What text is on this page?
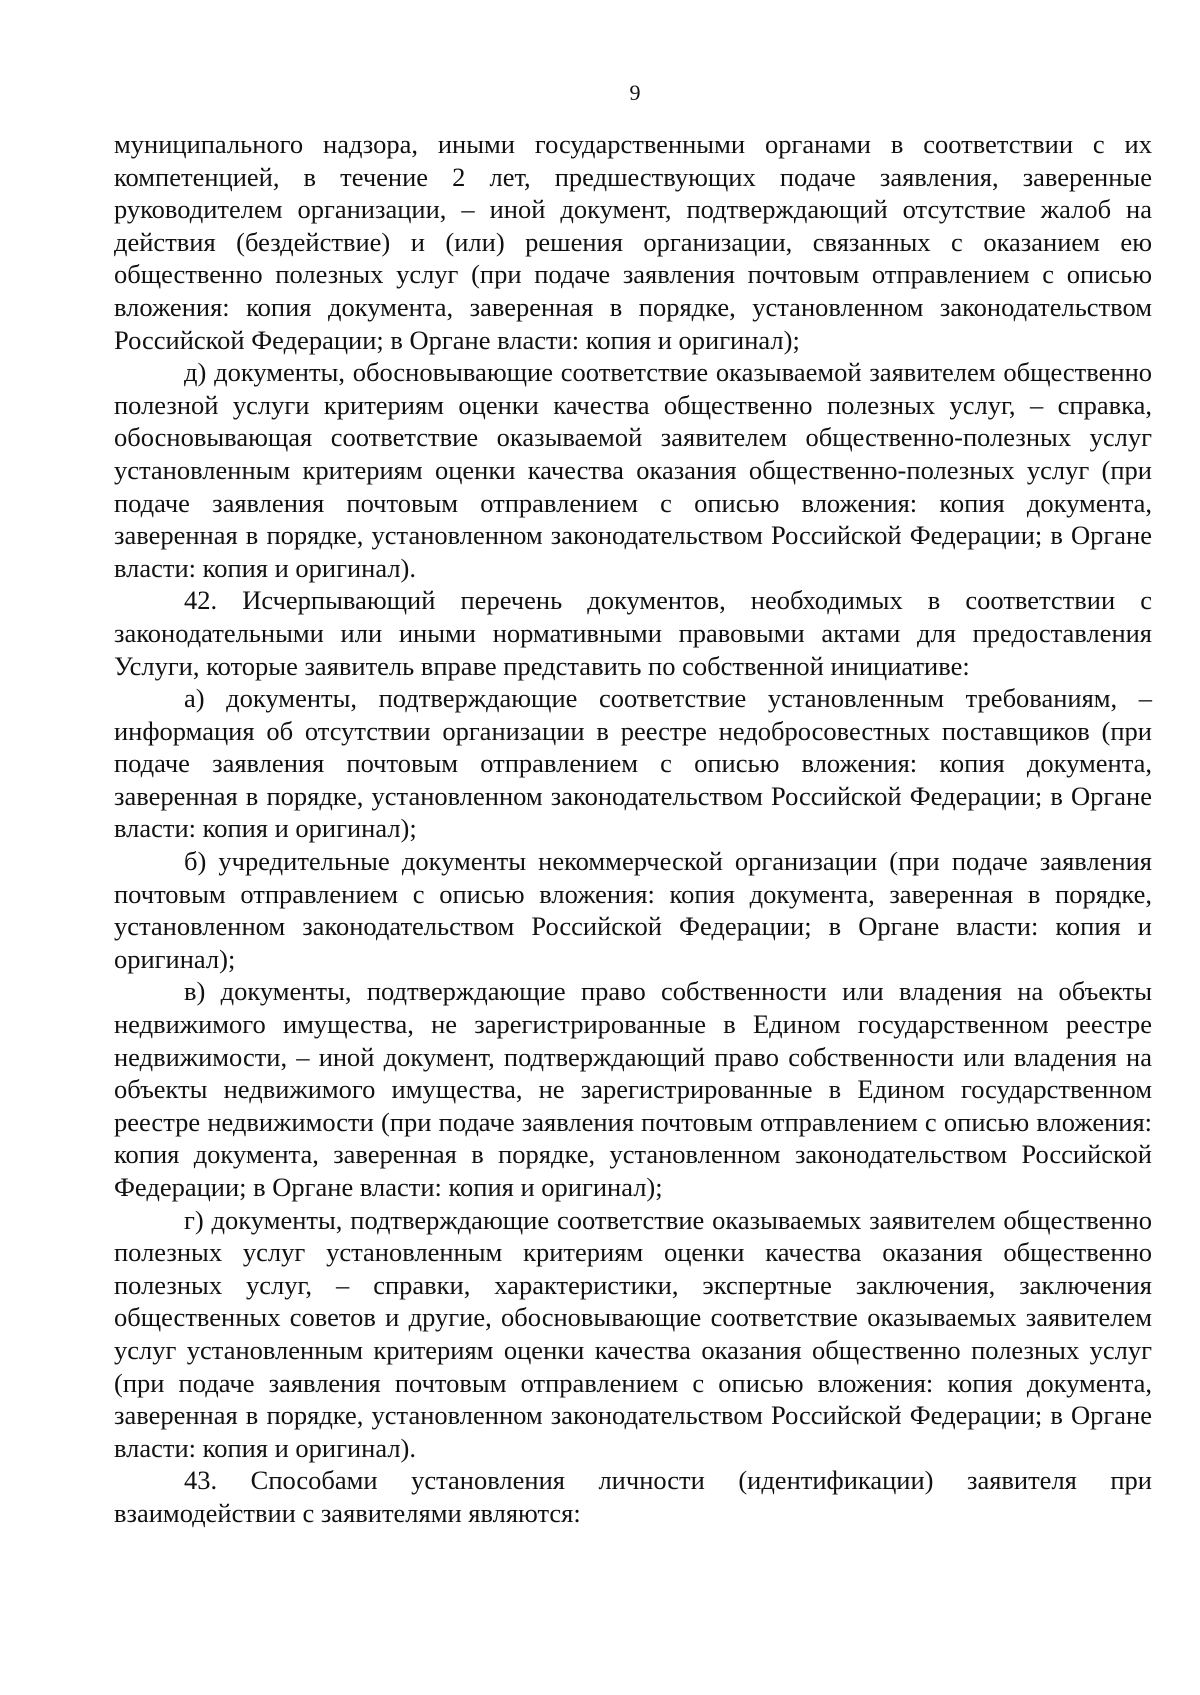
9

муниципального надзора, иными государственными органами в соответствии с их компетенцией, в течение 2 лет, предшествующих подаче заявления, заверенные руководителем организации, – иной документ, подтверждающий отсутствие жалоб на действия (бездействие) и (или) решения организации, связанных с оказанием ею общественно полезных услуг (при подаче заявления почтовым отправлением с описью вложения: копия документа, заверенная в порядке, установленном законодательством Российской Федерации; в Органе власти: копия и оригинал);

д) документы, обосновывающие соответствие оказываемой заявителем общественно полезной услуги критериям оценки качества общественно полезных услуг, – справка, обосновывающая соответствие оказываемой заявителем общественно-полезных услуг установленным критериям оценки качества оказания общественно-полезных услуг (при подаче заявления почтовым отправлением с описью вложения: копия документа, заверенная в порядке, установленном законодательством Российской Федерации; в Органе власти: копия и оригинал).

42. Исчерпывающий перечень документов, необходимых в соответствии с законодательными или иными нормативными правовыми актами для предоставления Услуги, которые заявитель вправе представить по собственной инициативе:

а) документы, подтверждающие соответствие установленным требованиям, – информация об отсутствии организации в реестре недобросовестных поставщиков (при подаче заявления почтовым отправлением с описью вложения: копия документа, заверенная в порядке, установленном законодательством Российской Федерации; в Органе власти: копия и оригинал);

б) учредительные документы некоммерческой организации (при подаче заявления почтовым отправлением с описью вложения: копия документа, заверенная в порядке, установленном законодательством Российской Федерации; в Органе власти: копия и оригинал);

в) документы, подтверждающие право собственности или владения на объекты недвижимого имущества, не зарегистрированные в Едином государственном реестре недвижимости, – иной документ, подтверждающий право собственности или владения на объекты недвижимого имущества, не зарегистрированные в Едином государственном реестре недвижимости (при подаче заявления почтовым отправлением с описью вложения: копия документа, заверенная в порядке, установленном законодательством Российской Федерации; в Органе власти: копия и оригинал);

г) документы, подтверждающие соответствие оказываемых заявителем общественно полезных услуг установленным критериям оценки качества оказания общественно полезных услуг, – справки, характеристики, экспертные заключения, заключения общественных советов и другие, обосновывающие соответствие оказываемых заявителем услуг установленным критериям оценки качества оказания общественно полезных услуг (при подаче заявления почтовым отправлением с описью вложения: копия документа, заверенная в порядке, установленном законодательством Российской Федерации; в Органе власти: копия и оригинал).

43. Способами установления личности (идентификации) заявителя при взаимодействии с заявителями являются:
